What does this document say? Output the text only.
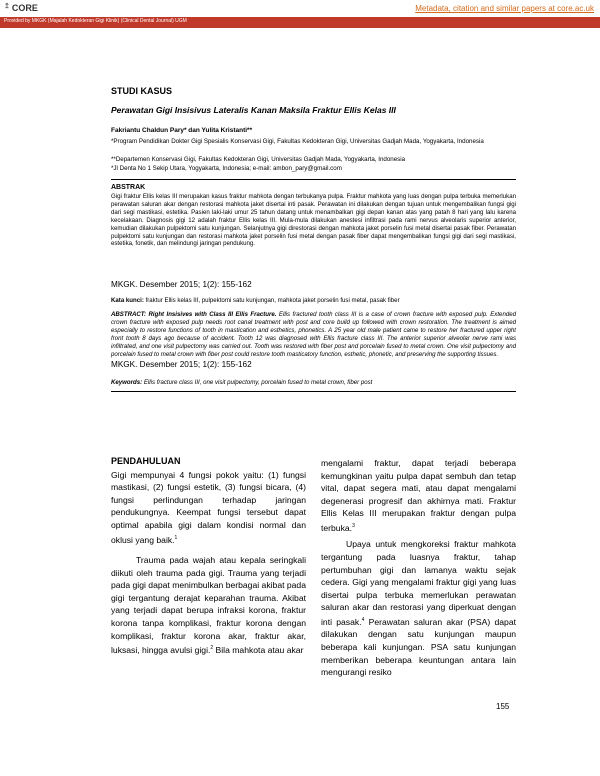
↥ CORE	Metadata, citation and similar papers at core.ac.uk
Provided by MKGK (Majalah Kedokteran Gigi Klinik) (Clinical Dental Journal) UGM
STUDI KASUS
Perawatan Gigi Insisivus Lateralis Kanan Maksila Fraktur Ellis Kelas III
Fakriantu Chaldun Pary* dan Yulita Kristanti**
*Program Pendidikan Dokter Gigi Spesialis Konservasi Gigi, Fakultas Kedokteran Gigi, Universitas Gadjah Mada, Yogyakarta, Indonesia
**Departemen Konservasi Gigi, Fakultas Kedokteran Gigi, Universitas Gadjah Mada, Yogyakarta, Indonesia
*Jl Denta No 1 Sekip Utara, Yogyakarta, Indonesia; e-mail: ambon_pary@gmail.com
ABSTRAK
Gigi fraktur Ellis kelas III merupakan kasus fraktur mahkota dengan terbukanya pulpa. Fraktur mahkota yang luas dengan pulpa terbuka memerlukan perawatan saluran akar dengan restorasi mahkota jaket disertai inti pasak. Perawatan ini dilakukan dengan tujuan untuk mengembalikan fungsi gigi dari segi mastikasi, estetika. Pasien laki-laki umur 25 tahun datang untuk menambalkan gigi depan kanan atas yang patah 8 hari yang lalu karena kecelakaan. Diagnosis gigi 12 adalah fraktur Ellis kelas III. Mula-mula dilakukan anestesi infiltrasi pada rami nervus alveolaris superior anterior, kemudian dilakukan pulpektomi satu kunjungan. Selanjutnya gigi direstorasi dengan mahkota jaket porselin fusi metal disertai pasak fiber. Perawatan pulpektomi satu kunjungan dan restorasi mahkota jaket porselin fusi metal dengan pasak fiber dapat mengembalikan fungsi gigi dari segi mastikasi, estetika, fonetik, dan melindungi jaringan pendukung.
MKGK. Desember 2015; 1(2): 155-162
Kata kunci: fraktur Ellis kelas III, pulpektomi satu kunjungan, mahkota jaket porselin fusi metal, pasak fiber
ABSTRACT: Right Insisives with Class III Ellis Fracture. Ellis fractured tooth class III is a case of crown fracture with exposed pulp. Extended crown fracture with exposed pulp needs root canal treatment with post and core build up followed with crown restoration. The treatment is aimed especially to restore functions of tooth in mastication and esthetics, phonetics. A 25 year old male patient came to restore her fractured upper right front tooth 8 days ago because of accident. Tooth 12 was diagnosed with Ellis fracture class III. The anterior superior alveolar nerve rami was infiltrated, and one visit pulpectomy was carried out. Tooth was restored with fiber post and porcelain fused to metal crown. One visit pulpectomy and porcelain fused to metal crown with fiber post could restore tooth masticatory function, esthetic, phonetic, and preserving the supporting tissues.
MKGK. Desember 2015; 1(2): 155-162
Keywords: Ellis fracture class III, one visit pulpectomy, porcelain fused to metal crown, fiber post
PENDAHULUAN

Gigi mempunyai 4 fungsi pokok yaitu: (1) fungsi mastikasi, (2) fungsi estetik, (3) fungsi bicara, (4) fungsi perlindungan terhadap jaringan pendukungnya. Keempat fungsi tersebut dapat optimal apabila gigi dalam kondisi normal dan oklusi yang baik.$^1$

Trauma pada wajah atau kepala seringkali diikuti oleh trauma pada gigi. Trauma yang terjadi pada gigi dapat menimbulkan berbagai akibat pada gigi tergantung derajat keparahan trauma. Akibat yang terjadi dapat berupa infraksi korona, fraktur korona tanpa komplikasi, fraktur korona dengan komplikasi, fraktur korona akar, fraktur akar, luksasi, hingga avulsi gigi.$^2$ Bila mahkota atau akar

mengalami fraktur, dapat terjadi beberapa kemungkinan yaitu pulpa dapat sembuh dan tetap vital, dapat segera mati, atau dapat mengalami degenerasi progresif dan akhirnya mati. Fraktur Ellis Kelas III merupakan fraktur dengan pulpa terbuka.$^3$

Upaya untuk mengkoreksi fraktur mahkota tergantung pada luasnya fraktur, tahap pertumbuhan gigi dan lamanya waktu sejak cedera. Gigi yang mengalami fraktur gigi yang luas disertai pulpa terbuka memerlukan perawatan saluran akar dan restorasi yang diperkuat dengan inti pasak.$^4$ Perawatan saluran akar (PSA) dapat dilakukan dengan satu kunjungan maupun beberapa kali kunjungan. PSA satu kunjungan memberikan beberapa keuntungan antara lain mengurangi resiko

155
